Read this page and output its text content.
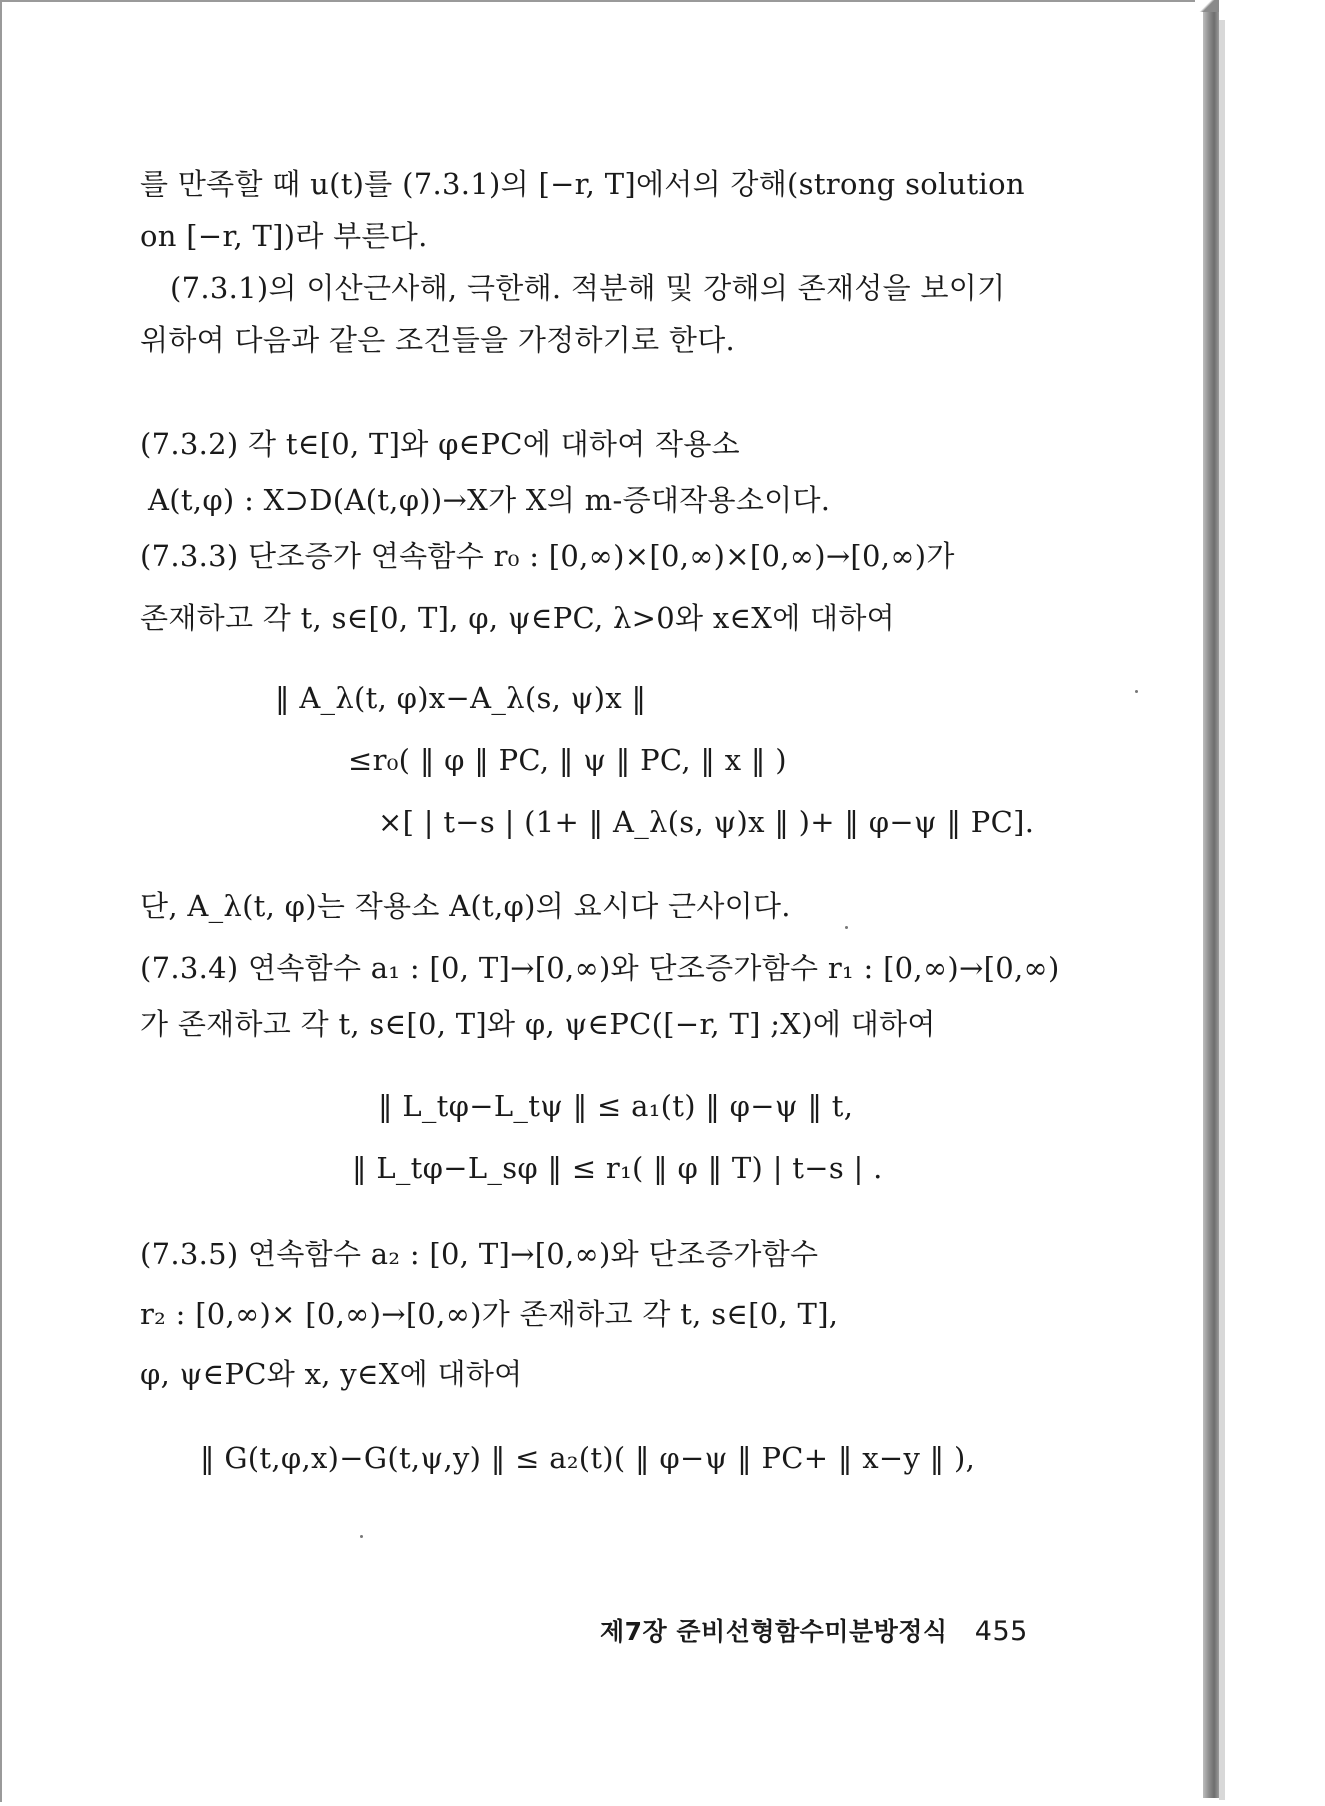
를 만족할 때 u(t)를 (7.3.1)의 [−r, T]에서의 강해(strong solution
on [−r, T])라 부른다.
(7.3.1)의 이산근사해, 극한해. 적분해 및 강해의 존재성을 보이기
위하여 다음과 같은 조건들을 가정하기로 한다.
(7.3.2) 각 t∈[0, T]와 φ∈PC에 대하여 작용소
A(t,φ) : X⊃D(A(t,φ))→X가 X의 m-증대작용소이다.
(7.3.3) 단조증가 연속함수 r₀ : [0,∞)×[0,∞)×[0,∞)→[0,∞)가
존재하고 각 t, s∈[0, T], φ, ψ∈PC, λ>0와 x∈X에 대하여
‖ A_λ(t, φ)x−A_λ(s, ψ)x ‖
≤r₀( ‖ φ ‖ PC, ‖ ψ ‖ PC, ‖ x ‖ )
×[ | t−s | (1+ ‖ A_λ(s, ψ)x ‖ )+ ‖ φ−ψ ‖ PC].
단, A_λ(t, φ)는 작용소 A(t,φ)의 요시다 근사이다.
(7.3.4) 연속함수 a₁ : [0, T]→[0,∞)와 단조증가함수 r₁ : [0,∞)→[0,∞)
가 존재하고 각 t, s∈[0, T]와 φ, ψ∈PC([−r, T] ;X)에 대하여
‖ L_tφ−L_tψ ‖ ≤ a₁(t) ‖ φ−ψ ‖ t,
‖ L_tφ−L_sφ ‖ ≤ r₁( ‖ φ ‖ T) | t−s | .
(7.3.5) 연속함수 a₂ : [0, T]→[0,∞)와 단조증가함수
r₂ : [0,∞)× [0,∞)→[0,∞)가 존재하고 각 t, s∈[0, T],
φ, ψ∈PC와 x, y∈X에 대하여
‖ G(t,φ,x)−G(t,ψ,y) ‖ ≤ a₂(t)( ‖ φ−ψ ‖ PC+ ‖ x−y ‖ ),
제7장 준비선형함수미분방정식 455
